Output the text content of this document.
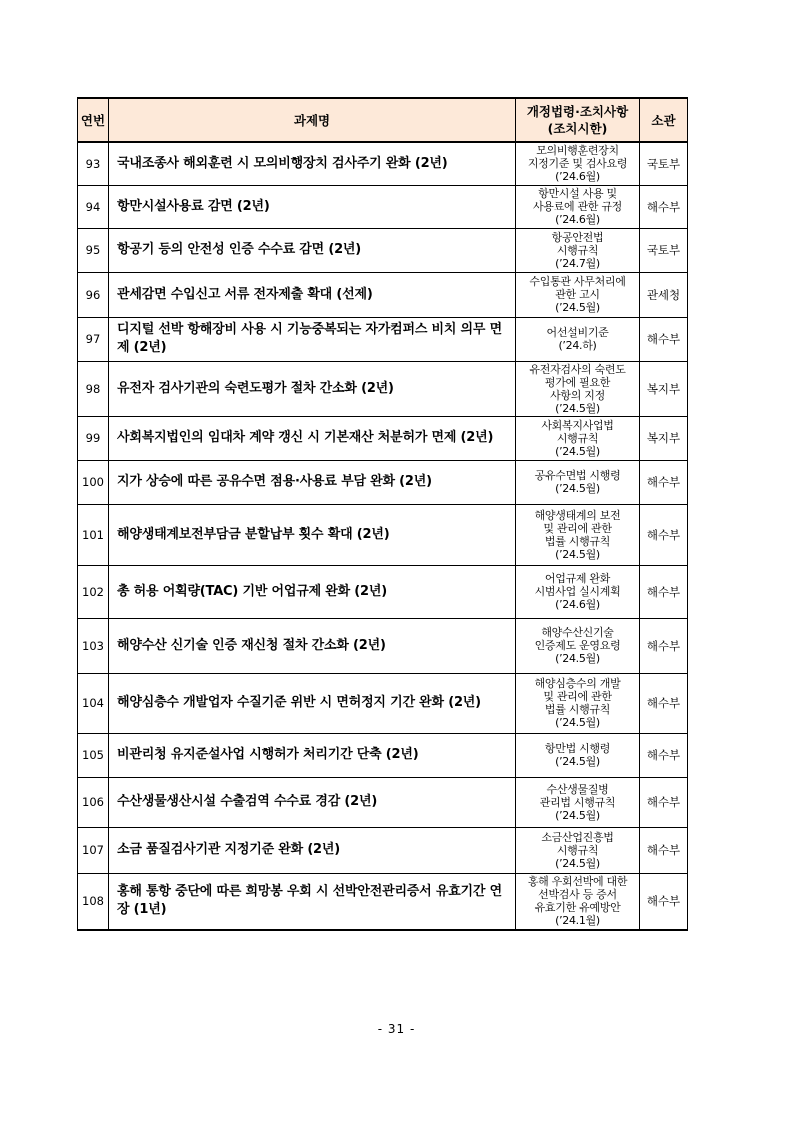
연번	과제명	개정법령·조치사항
(조치시한)	소관
93	국내조종사 해외훈련 시 모의비행장치 검사주기 완화 (2년)	모의비행훈련장치
지정기준 및 검사요령
(’24.6월)	국토부
94	항만시설사용료 감면 (2년)	항만시설 사용 및
사용료에 관한 규정
(’24.6월)	해수부
95	항공기 등의 안전성 인증 수수료 감면 (2년)	항공안전법
시행규칙
(’24.7월)	국토부
96	관세감면 수입신고 서류 전자제출 확대 (선제)	수입통관 사무처리에
관한 고시
(’24.5월)	관세청
97	디지털 선박 항해장비 사용 시 기능중복되는 자가컴퍼스 비치 의무 면제 (2년)	어선설비기준
(’24.하)	해수부
98	유전자 검사기관의 숙련도평가 절차 간소화 (2년)	유전자검사의 숙련도
평가에 필요한
사항의 지정
(’24.5월)	복지부
99	사회복지법인의 임대차 계약 갱신 시 기본재산 처분허가 면제 (2년)	사회복지사업법
시행규칙
(’24.5월)	복지부
100	지가 상승에 따른 공유수면 점용·사용료 부담 완화 (2년)	공유수면법 시행령
(’24.5월)	해수부
101	해양생태계보전부담금 분할납부 횟수 확대 (2년)	해양생태계의 보전
및 관리에 관한
법률 시행규칙
(’24.5월)	해수부
102	총 허용 어획량(TAC) 기반 어업규제 완화 (2년)	어업규제 완화
시범사업 실시계획
(’24.6월)	해수부
103	해양수산 신기술 인증 재신청 절차 간소화 (2년)	해양수산신기술
인증제도 운영요령
(’24.5월)	해수부
104	해양심층수 개발업자 수질기준 위반 시 면허정지 기간 완화 (2년)	해양심층수의 개발
및 관리에 관한
법률 시행규칙
(’24.5월)	해수부
105	비관리청 유지준설사업 시행허가 처리기간 단축 (2년)	항만법 시행령
(’24.5월)	해수부
106	수산생물생산시설 수출검역 수수료 경감 (2년)	수산생물질병
관리법 시행규칙
(’24.5월)	해수부
107	소금 품질검사기관 지정기준 완화 (2년)	소금산업진흥법
시행규칙
(’24.5월)	해수부
108	홍해 통항 중단에 따른 희망봉 우회 시 선박안전관리증서 유효기간 연장 (1년)	홍해 우회선박에 대한
선박검사 등 증서
유효기한 유예방안
(’24.1월)	해수부
- 31 -
